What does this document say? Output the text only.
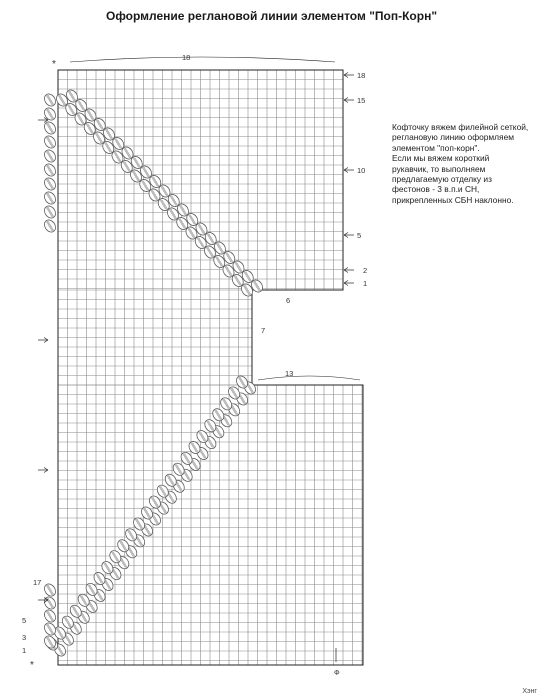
Оформление реглановой линии элементом "Поп-Корн"
18
13
6
7
18
15
10
5
2
1
17
5
3
1
*
*
Ф

Кофточку вяжем филейной сеткой,

реглановую линию оформляем

элементом "поп-корн".

Если мы вяжем короткий

рукавчик, то выполняем

предлагаемую отделку из

фестонов - 3 в.п.и СН,

прикрепленных СБН наклонно.

Хэнг
